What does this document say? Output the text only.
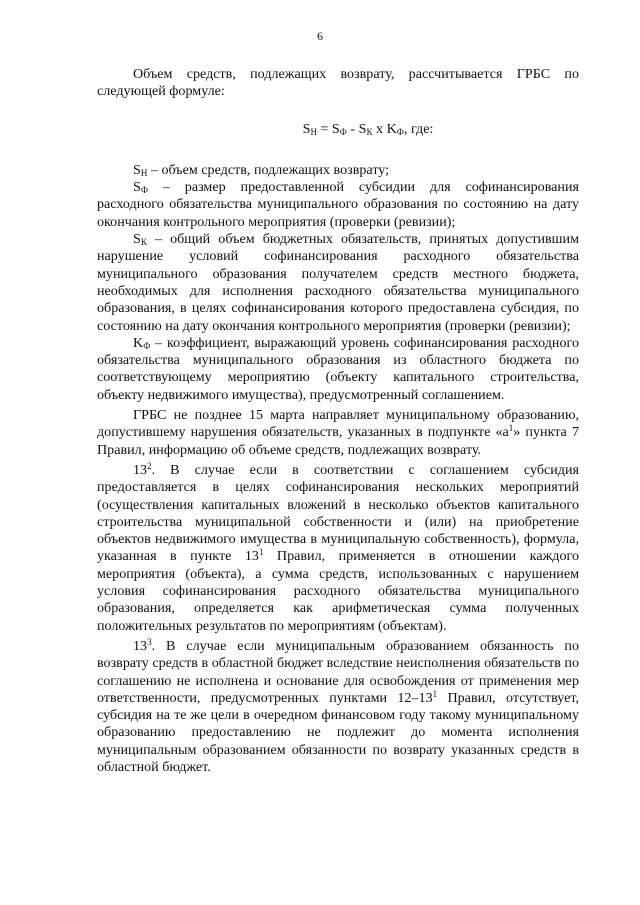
6

Объем средств, подлежащих возврату, рассчитывается ГРБС по следующей формуле:

$S_Н = S_Ф - S_К$ x $K_Ф$, где:

$S_Н$ – объем средств, подлежащих возврату;

$S_Ф$ – размер предоставленной субсидии для софинансирования расходного обязательства муниципального образования по состоянию на дату окончания контрольного мероприятия (проверки (ревизии);

$S_К$ – общий объем бюджетных обязательств, принятых допустившим нарушение условий софинансирования расходного обязательства муниципального образования получателем средств местного бюджета, необходимых для исполнения расходного обязательства муниципального образования, в целях софинансирования которого предоставлена субсидия, по состоянию на дату окончания контрольного мероприятия (проверки (ревизии);

$K_Ф$ – коэффициент, выражающий уровень софинансирования расходного обязательства муниципального образования из областного бюджета по соответствующему мероприятию (объекту капитального строительства, объекту недвижимого имущества), предусмотренный соглашением.

ГРБС не позднее 15 марта направляет муниципальному образованию, допустившему нарушения обязательств, указанных в подпункте «$а^1$» пункта 7 Правил, информацию об объеме средств, подлежащих возврату.

$13^2$. В случае если в соответствии с соглашением субсидия предоставляется в целях софинансирования нескольких мероприятий (осуществления капитальных вложений в несколько объектов капитального строительства муниципальной собственности и (или) на приобретение объектов недвижимого имущества в муниципальную собственность), формула, указанная в пункте $13^1$ Правил, применяется в отношении каждого мероприятия (объекта), а сумма средств, использованных с нарушением условия софинансирования расходного обязательства муниципального образования, определяется как арифметическая сумма полученных положительных результатов по мероприятиям (объектам).

$13^3$. В случае если муниципальным образованием обязанность по возврату средств в областной бюджет вследствие неисполнения обязательств по соглашению не исполнена и основание для освобождения от применения мер ответственности, предусмотренных пунктами $12-13^1$ Правил, отсутствует, субсидия на те же цели в очередном финансовом году такому муниципальному образованию предоставлению не подлежит до момента исполнения муниципальным образованием обязанности по возврату указанных средств в областной бюджет.
